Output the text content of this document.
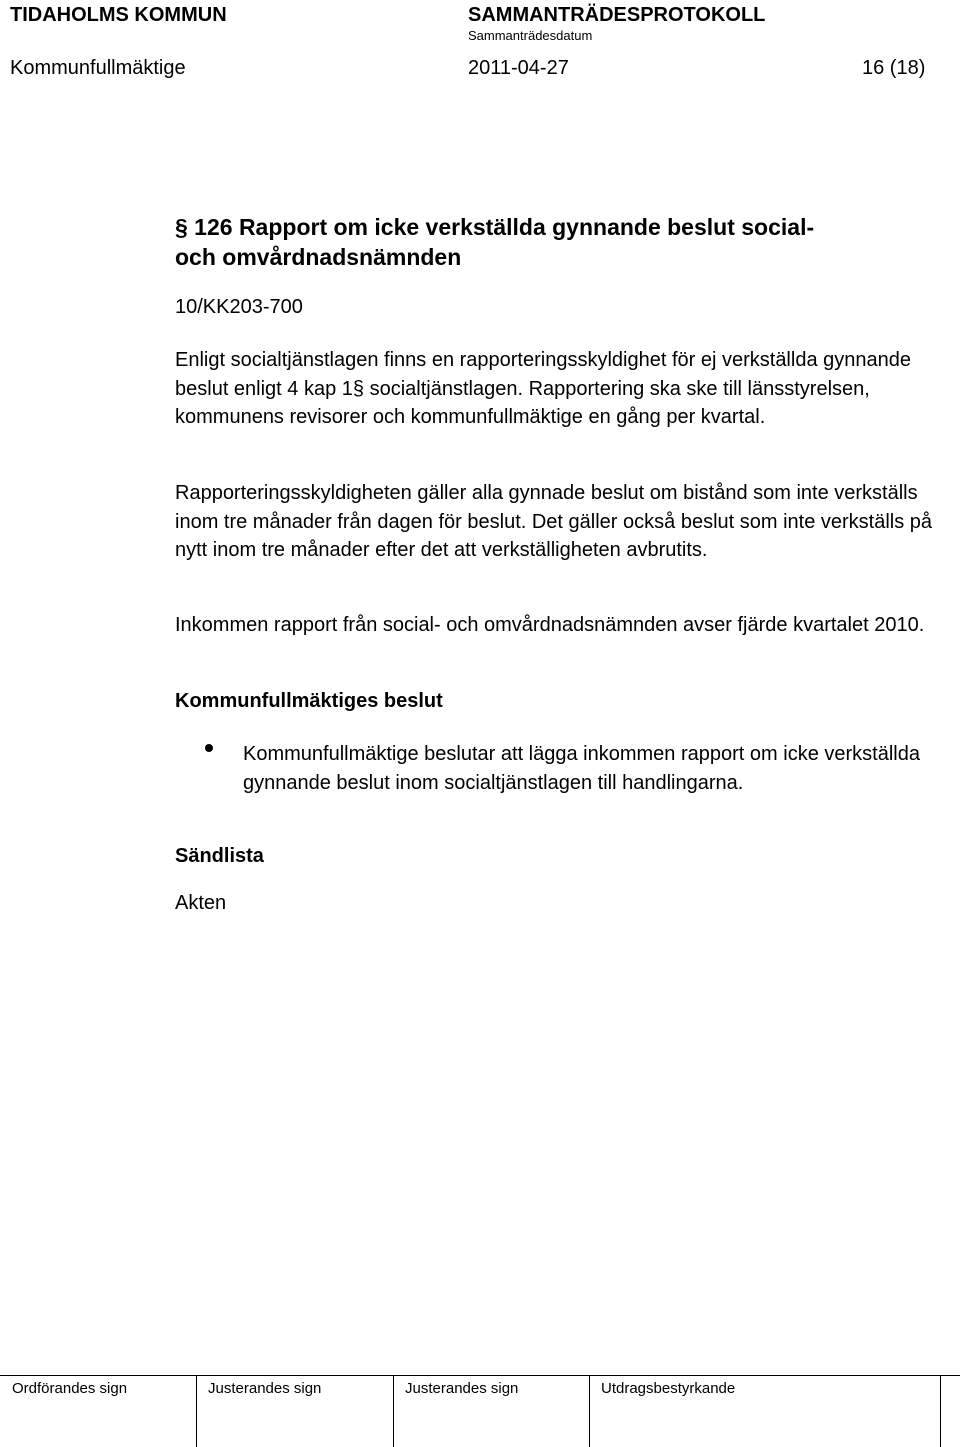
TIDAHOLMS KOMMUN	SAMMANTRÄDESPROTOKOLL
Sammanträdesdatum
Kommunfullmäktige	2011-04-27	16 (18)
§ 126 Rapport om icke verkställda gynnande beslut social-
och omvårdnadsnämnden
10/KK203-700
Enligt socialtjänstlagen finns en rapporteringsskyldighet för ej verkställda gynnande beslut enligt 4 kap 1§ socialtjänstlagen. Rapportering ska ske till länsstyrelsen, kommunens revisorer och kommunfullmäktige en gång per kvartal.
Rapporteringsskyldigheten gäller alla gynnade beslut om bistånd som inte verkställs inom tre månader från dagen för beslut. Det gäller också beslut som inte verkställs på nytt inom tre månader efter det att verkställigheten avbrutits.
Inkommen rapport från social- och omvårdnadsnämnden avser fjärde kvartalet 2010.
Kommunfullmäktiges beslut
Kommunfullmäktige beslutar att lägga inkommen rapport om icke verkställda gynnande beslut inom socialtjänstlagen till handlingarna.
Sändlista
Akten
Ordförandes sign	Justerandes sign	Justerandes sign	Utdragsbestyrkande
